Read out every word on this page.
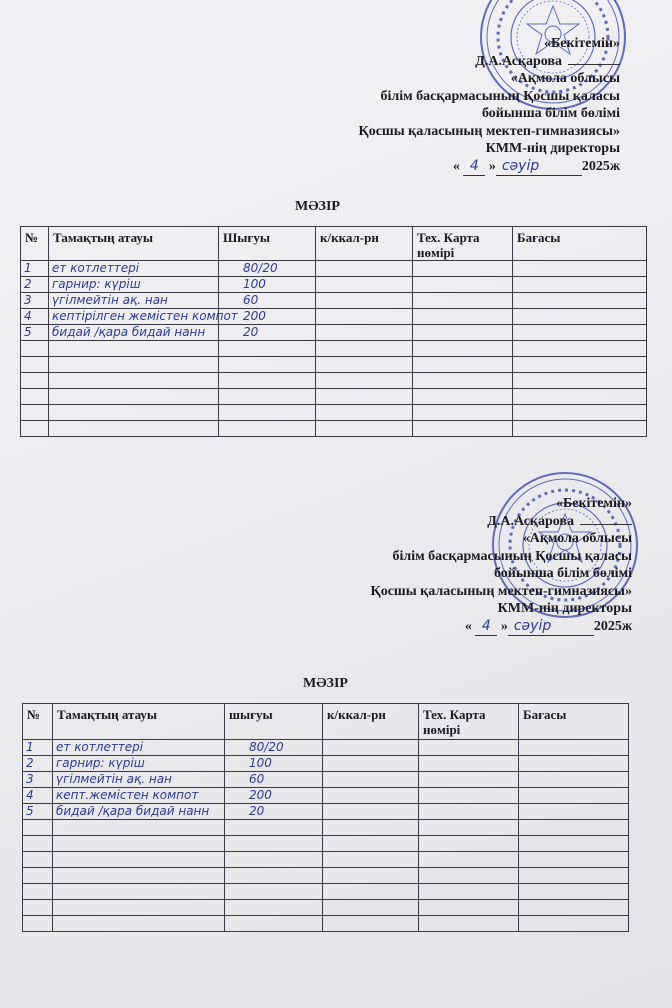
«Бекітемін»
Д.А.Асқарова
«Ақмола облысы
білім басқармасының Қосшы қаласы
бойынша білім бөлімі
Қосшы қаласының мектеп-гимназиясы»
КММ-нің директоры
« 4 » сәуір	2025ж
МӘЗІР
№	Тамақтың атауы	Шығуы	к/ккал-рн	Тех. Карта нөмірі	Бағасы
1	ет котлеттері	80/20			
2	гарнир: күріш	100			
3	үгілмейтін ақ. нан	60			
4	кептірілген жемістен компот	200			
5	бидай /қара бидай нанн	20			

«Бекітемін»
Д.А.Асқарова
«Ақмола облысы
білім басқармасының Қосшы қаласы
бойынша білім бөлімі
Қосшы қаласының мектеп-гимназиясы»
КММ-нің директоры
« 4 » сәуір	2025ж
МӘЗІР
№	Тамақтың атауы	шығуы	к/ккал-рн	Тех. Карта нөмірі	Бағасы
1	ет котлеттері	80/20			
2	гарнир: күріш	100			
3	үгілмейтін ақ. нан	60			
4	кепт.жемістен компот	200			
5	бидай /қара бидай нанн	20			
